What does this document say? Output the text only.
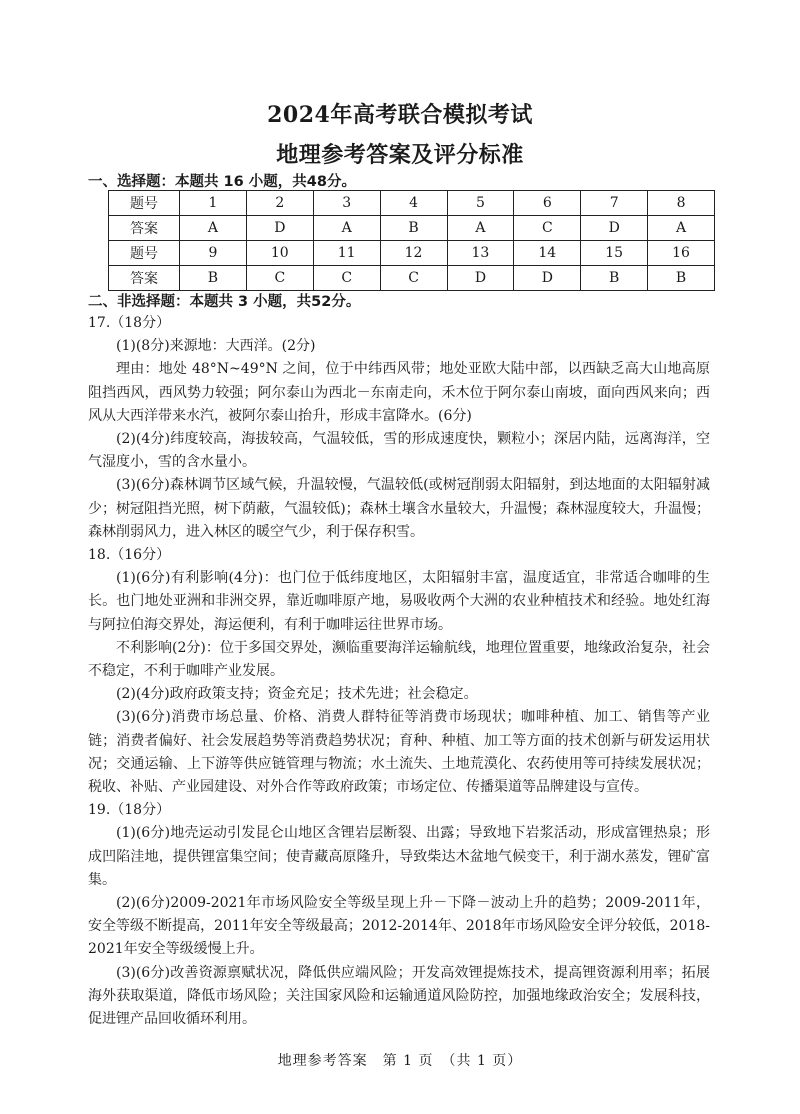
2024年高考联合模拟考试
地理参考答案及评分标准
一、选择题：本题共 16 小题，共48分。
题号	1	2	3	4	5	6	7	8
答案	A	D	A	B	A	C	D	A
题号	9	10	11	12	13	14	15	16
答案	B	C	C	C	D	D	B	B
二、非选择题：本题共 3 小题，共52分。

17.（18分）

(1)(8分)来源地：大西洋。(2分)

理由：地处 48°N~49°N 之间，位于中纬西风带；地处亚欧大陆中部，以西缺乏高大山地高原阻挡西风，西风势力较强；阿尔泰山为西北－东南走向，禾木位于阿尔泰山南坡，面向西风来向；西风从大西洋带来水汽，被阿尔泰山抬升，形成丰富降水。(6分)

(2)(4分)纬度较高，海拔较高，气温较低，雪的形成速度快，颗粒小；深居内陆，远离海洋，空气湿度小，雪的含水量小。

(3)(6分)森林调节区域气候，升温较慢，气温较低(或树冠削弱太阳辐射，到达地面的太阳辐射减少；树冠阻挡光照，树下荫蔽，气温较低)；森林土壤含水量较大，升温慢；森林湿度较大，升温慢；森林削弱风力，进入林区的暖空气少，利于保存积雪。

18.（16分）

(1)(6分)有利影响(4分)：也门位于低纬度地区，太阳辐射丰富，温度适宜，非常适合咖啡的生长。也门地处亚洲和非洲交界，靠近咖啡原产地，易吸收两个大洲的农业种植技术和经验。地处红海与阿拉伯海交界处，海运便利，有利于咖啡运往世界市场。

不利影响(2分)：位于多国交界处，濒临重要海洋运输航线，地理位置重要，地缘政治复杂，社会不稳定，不利于咖啡产业发展。

(2)(4分)政府政策支持；资金充足；技术先进；社会稳定。

(3)(6分)消费市场总量、价格、消费人群特征等消费市场现状；咖啡种植、加工、销售等产业链；消费者偏好、社会发展趋势等消费趋势状况；育种、种植、加工等方面的技术创新与研发运用状况；交通运输、上下游等供应链管理与物流；水土流失、土地荒漠化、农药使用等可持续发展状况；税收、补贴、产业园建设、对外合作等政府政策；市场定位、传播渠道等品牌建设与宣传。

19.（18分）

(1)(6分)地壳运动引发昆仑山地区含锂岩层断裂、出露；导致地下岩浆活动，形成富锂热泉；形成凹陷洼地，提供锂富集空间；使青藏高原隆升，导致柴达木盆地气候变干，利于湖水蒸发，锂矿富集。

(2)(6分)2009-2021年市场风险安全等级呈现上升－下降－波动上升的趋势；2009-2011年，安全等级不断提高，2011年安全等级最高；2012-2014年、2018年市场风险安全评分较低，2018-2021年安全等级缓慢上升。

(3)(6分)改善资源禀赋状况，降低供应端风险；开发高效锂提炼技术，提高锂资源利用率；拓展海外获取渠道，降低市场风险；关注国家风险和运输通道风险防控，加强地缘政治安全；发展科技，促进锂产品回收循环利用。

地理参考答案　第 1 页　（共 1 页）
